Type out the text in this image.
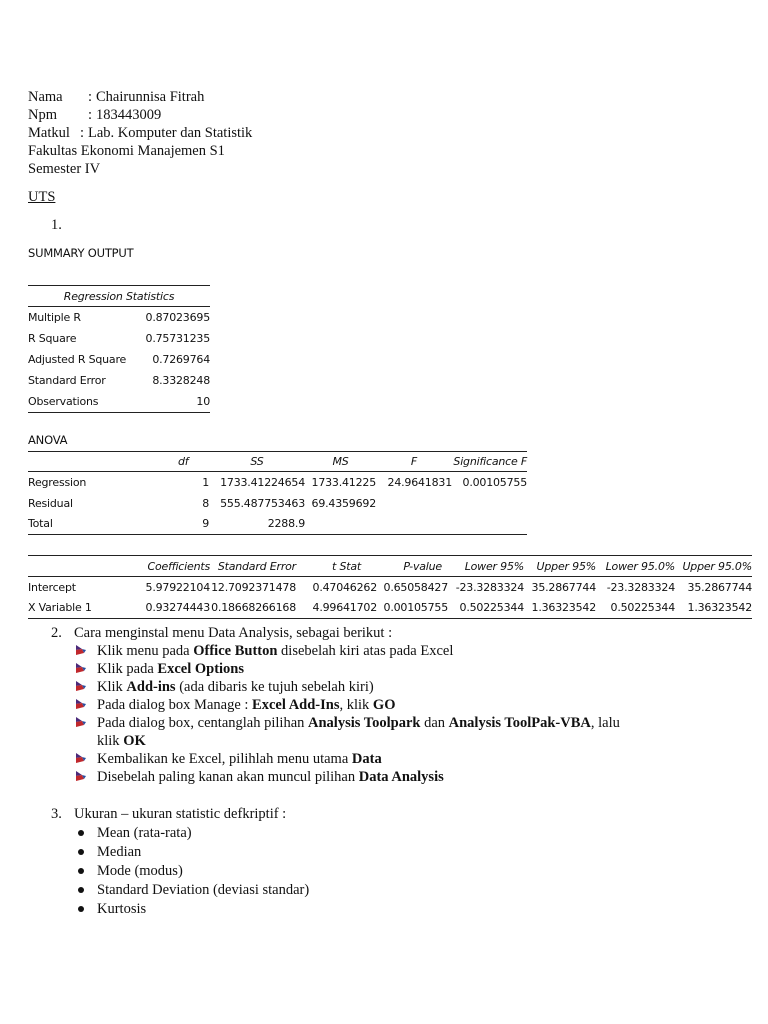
Nama : Chairunnisa Fitrah
Npm : 183443009
Matkul : Lab. Komputer dan Statistik
Fakultas Ekonomi Manajemen S1
Semester IV
UTS
1.
SUMMARY OUTPUT
Regression Statistics	
Multiple R	0.87023695
R Square	0.75731235
Adjusted R Square	0.7269764
Standard Error	8.3328248
Observations	10
ANOVA
	df	SS	MS	F	Significance F
Regression	1	1733.41224654	1733.41225	24.9641831	0.00105755
Residual	8	555.487753463	69.4359692		
Total	9	2288.9			
	Coefficients	Standard Error	t Stat	P-value	Lower 95%	Upper 95%	Lower 95.0%	Upper 95.0%
Intercept	5.97922104	12.7092371478	0.47046262	0.65058427	-23.3283324	35.2867744	-23.3283324	35.2867744
X Variable 1	0.93274443	0.18668266168	4.99641702	0.00105755	0.50225344	1.36323542	0.50225344	1.36323542
2. Cara menginstal menu Data Analysis, sebagai berikut :
Klik menu pada Office Button disebelah kiri atas pada Excel
Klik pada Excel Options
Klik Add-ins (ada dibaris ke tujuh sebelah kiri)
Pada dialog box Manage : Excel Add-Ins, klik GO
Pada dialog box, centanglah pilihan Analysis Toolpark dan Analysis ToolPak-VBA, lalu
klik OK
Kembalikan ke Excel, pilihlah menu utama Data
Disebelah paling kanan akan muncul pilihan Data Analysis
3. Ukuran – ukuran statistic defkriptif :
Mean (rata-rata)
Median
Mode (modus)
Standard Deviation (deviasi standar)
Kurtosis
